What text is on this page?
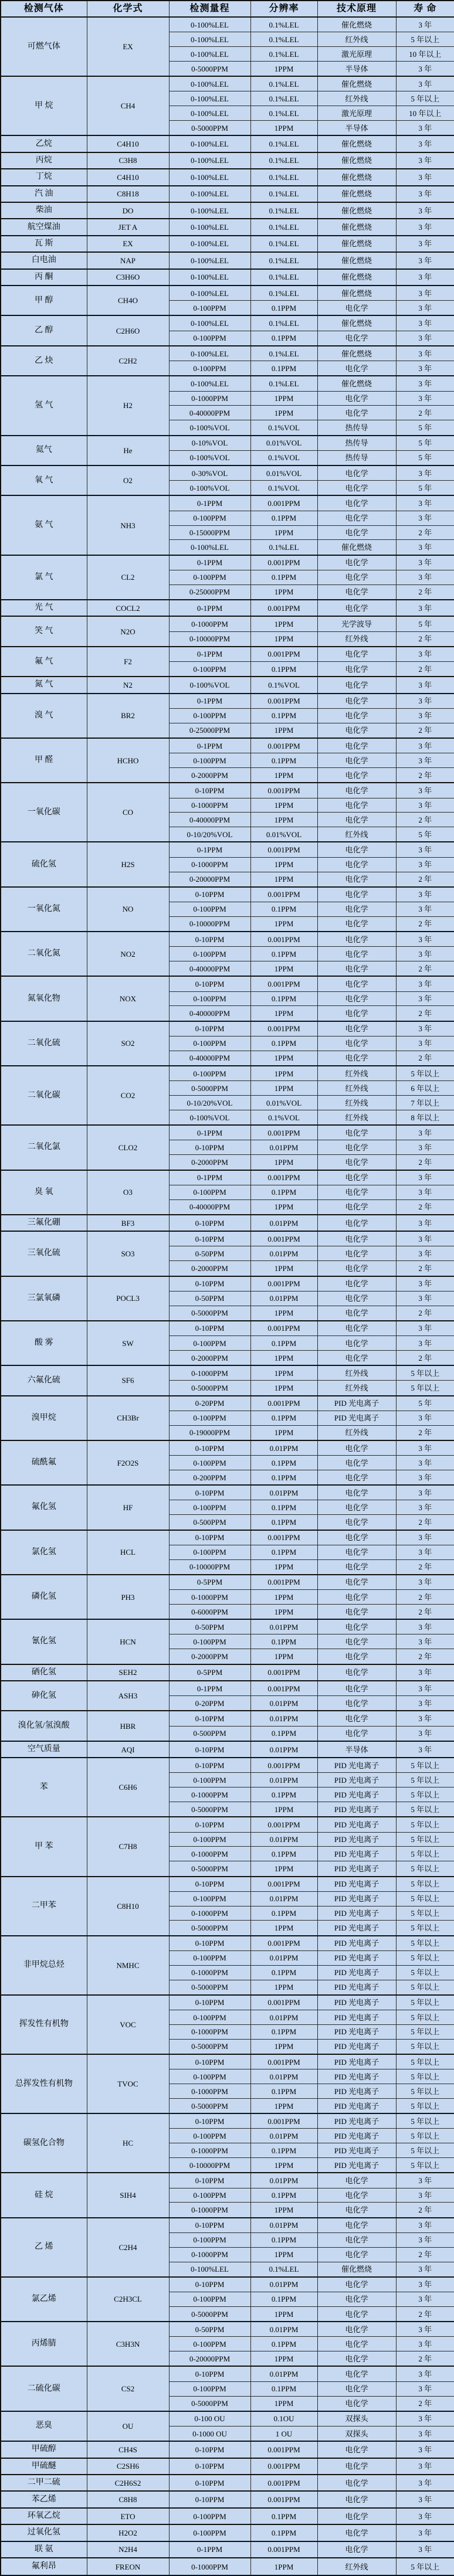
检测气体	化学式	检测量程	分辨率	技术原理	寿 命
可燃气体	EX	0-100%LEL	0.1%LEL	催化燃烧	3 年
		0-100%LEL	0.1%LEL	红外线	5 年以上
		0-100%LEL	0.1%LEL	激光原理	10 年以上
		0-5000PPM	1PPM	半导体	3 年
甲 烷	CH4	0-100%LEL	0.1%LEL	催化燃烧	3 年
		0-100%LEL	0.1%LEL	红外线	5 年以上
		0-100%LEL	0.1%LEL	激光原理	10 年以上
		0-5000PPM	1PPM	半导体	3 年
乙烷	C4H10	0-100%LEL	0.1%LEL	催化燃烧	3 年
丙烷	C3H8	0-100%LEL	0.1%LEL	催化燃烧	3 年
丁烷	C4H10	0-100%LEL	0.1%LEL	催化燃烧	3 年
汽 油	C8H18	0-100%LEL	0.1%LEL	催化燃烧	3 年
柴油	DO	0-100%LEL	0.1%LEL	催化燃烧	3 年
航空煤油	JET A	0-100%LEL	0.1%LEL	催化燃烧	3 年
瓦 斯	EX	0-100%LEL	0.1%LEL	催化燃烧	3 年
白电油	NAP	0-100%LEL	0.1%LEL	催化燃烧	3 年
丙 酮	C3H6O	0-100%LEL	0.1%LEL	催化燃烧	3 年
甲 醇	CH4O	0-100%LEL	0.1%LEL	催化燃烧	3 年
		0-100PPM	0.1PPM	电化学	3 年
乙 醇	C2H6O	0-100%LEL	0.1%LEL	催化燃烧	3 年
		0-100PPM	0.1PPM	电化学	3 年
乙 炔	C2H2	0-100%LEL	0.1%LEL	催化燃烧	3 年
		0-100PPM	0.1PPM	电化学	3 年
氢 气	H2	0-100%LEL	0.1%LEL	催化燃烧	3 年
		0-1000PPM	1PPM	电化学	3 年
		0-40000PPM	1PPM	电化学	2 年
		0-100%VOL	0.1%VOL	热传导	5 年
氦气	He	0-10%VOL	0.01%VOL	热传导	5 年
		0-100%VOL	0.1%VOL	热传导	5 年
氧 气	O2	0-30%VOL	0.01%VOL	电化学	3 年
		0-100%VOL	0.1%VOL	电化学	5 年
氨 气	NH3	0-1PPM	0.001PPM	电化学	3 年
		0-100PPM	0.1PPM	电化学	3 年
		0-15000PPM	1PPM	电化学	2 年
		0-100%LEL	0.1%LEL	催化燃烧	3 年
氯 气	CL2	0-1PPM	0.001PPM	电化学	3 年
		0-100PPM	0.1PPM	电化学	3 年
		0-25000PPM	1PPM	电化学	2 年
光 气	COCL2	0-1PPM	0.001PPM	电化学	3 年
笑 气	N2O	0-1000PPM	1PPM	光学波导	5 年
		0-10000PPM	1PPM	红外线	2 年
氟 气	F2	0-1PPM	0.001PPM	电化学	3 年
		0-100PPM	0.1PPM	电化学	2 年
氮 气	N2	0-100%VOL	0.1%VOL	电化学	3 年
溴 气	BR2	0-1PPM	0.001PPM	电化学	3 年
		0-100PPM	0.1PPM	电化学	3 年
		0-25000PPM	1PPM	电化学	2 年
甲 醛	HCHO	0-1PPM	0.001PPM	电化学	3 年
		0-100PPM	0.1PPM	电化学	3 年
		0-2000PPM	1PPM	电化学	2 年
一氧化碳	CO	0-10PPM	0.001PPM	电化学	3 年
		0-1000PPM	1PPM	电化学	3 年
		0-40000PPM	1PPM	电化学	2 年
		0-10/20%VOL	0.01%VOL	红外线	5 年
硫化氢	H2S	0-1PPM	0.001PPM	电化学	3 年
		0-1000PPM	1PPM	电化学	3 年
		0-20000PPM	1PPM	电化学	2 年
一氧化氮	NO	0-10PPM	0.001PPM	电化学	3 年
		0-100PPM	0.1PPM	电化学	3 年
		0-10000PPM	1PPM	电化学	2 年
二氧化氮	NO2	0-10PPM	0.001PPM	电化学	3 年
		0-100PPM	0.1PPM	电化学	3 年
		0-40000PPM	1PPM	电化学	2 年
氮氧化物	NOX	0-10PPM	0.001PPM	电化学	3 年
		0-100PPM	0.1PPM	电化学	3 年
		0-40000PPM	1PPM	电化学	2 年
二氧化硫	SO2	0-10PPM	0.001PPM	电化学	3 年
		0-100PPM	0.1PPM	电化学	3 年
		0-40000PPM	1PPM	电化学	2 年
二氧化碳	CO2	0-100PPM	1PPM	红外线	5 年以上
		0-5000PPM	1PPM	红外线	6 年以上
		0-10/20%VOL	0.01%VOL	红外线	7 年以上
		0-100%VOL	0.1%VOL	红外线	8 年以上
二氧化氯	CLO2	0-1PPM	0.001PPM	电化学	3 年
		0-10PPM	0.01PPM	电化学	3 年
		0-2000PPM	1PPM	电化学	2 年
臭 氧	O3	0-1PPM	0.001PPM	电化学	3 年
		0-100PPM	0.1PPM	电化学	3 年
		0-40000PPM	1PPM	电化学	2 年
三氟化硼	BF3	0-10PPM	0.01PPM	电化学	3 年
三氧化硫	SO3	0-10PPM	0.001PPM	电化学	3 年
		0-50PPM	0.01PPM	电化学	3 年
		0-2000PPM	1PPM	电化学	2 年
三氯氧磷	POCL3	0-10PPM	0.001PPM	电化学	3 年
		0-50PPM	0.01PPM	电化学	3 年
		0-5000PPM	1PPM	电化学	2 年
酸 雾	SW	0-10PPM	0.001PPM	电化学	3 年
		0-100PPM	0.1PPM	电化学	3 年
		0-2000PPM	1PPM	电化学	2 年
六氟化硫	SF6	0-1000PPM	1PPM	红外线	5 年以上
		0-5000PPM	1PPM	红外线	5 年以上
溴甲烷	CH3Br	0-20PPM	0.001PPM	PID 光电离子	5 年
		0-100PPM	0.1PPM	PID 光电离子	3 年
		0-19000PPM	1PPM	红外线	2 年
硫酰氟	F2O2S	0-10PPM	0.01PPM	电化学	3 年
		0-100PPM	0.1PPM	电化学	3 年
		0-200PPM	0.1PPM	电化学	3 年
氟化氢	HF	0-10PPM	0.01PPM	电化学	3 年
		0-100PPM	0.1PPM	电化学	3 年
		0-500PPM	0.1PPM	电化学	2 年
氯化氢	HCL	0-10PPM	0.001PPM	电化学	3 年
		0-100PPM	0.1PPM	电化学	3 年
		0-10000PPM	1PPM	电化学	2 年
磷化氢	PH3	0-5PPM	0.001PPM	电化学	3 年
		0-1000PPM	1PPM	电化学	2 年
		0-6000PPM	1PPM	电化学	2 年
氰化氢	HCN	0-50PPM	0.01PPM	电化学	3 年
		0-100PPM	0.1PPM	电化学	3 年
		0-2000PPM	1PPM	电化学	2 年
硒化氢	SEH2	0-5PPM	0.001PPM	电化学	3 年
砷化氢	ASH3	0-1PPM	0.001PPM	电化学	3 年
		0-20PPM	0.01PPM	电化学	3 年
溴化氢/氢溴酸	HBR	0-10PPM	0.01PPM	电化学	3 年
		0-500PPM	0.1PPM	电化学	3 年
空气质量	AQI	0-10PPM	0.01PPM	半导体	3 年
苯	C6H6	0-10PPM	0.001PPM	PID 光电离子	5 年以上
		0-100PPM	0.01PPM	PID 光电离子	5 年以上
		0-1000PPM	0.1PPM	PID 光电离子	5 年以上
		0-5000PPM	1PPM	PID 光电离子	5 年以上
甲 苯	C7H8	0-10PPM	0.001PPM	PID 光电离子	5 年以上
		0-100PPM	0.01PPM	PID 光电离子	5 年以上
		0-1000PPM	0.1PPM	PID 光电离子	5 年以上
		0-5000PPM	1PPM	PID 光电离子	5 年以上
二甲苯	C8H10	0-10PPM	0.001PPM	PID 光电离子	5 年以上
		0-100PPM	0.01PPM	PID 光电离子	5 年以上
		0-1000PPM	0.1PPM	PID 光电离子	5 年以上
		0-5000PPM	1PPM	PID 光电离子	5 年以上
非甲烷总烃	NMHC	0-10PPM	0.001PPM	PID 光电离子	5 年以上
		0-100PPM	0.01PPM	PID 光电离子	5 年以上
		0-1000PPM	0.1PPM	PID 光电离子	5 年以上
		0-5000PPM	1PPM	PID 光电离子	5 年以上
挥发性有机物	VOC	0-10PPM	0.001PPM	PID 光电离子	5 年以上
		0-100PPM	0.01PPM	PID 光电离子	5 年以上
		0-1000PPM	0.1PPM	PID 光电离子	5 年以上
		0-5000PPM	1PPM	PID 光电离子	5 年以上
总挥发性有机物	TVOC	0-10PPM	0.001PPM	PID 光电离子	5 年以上
		0-100PPM	0.01PPM	PID 光电离子	5 年以上
		0-1000PPM	0.1PPM	PID 光电离子	5 年以上
		0-5000PPM	1PPM	PID 光电离子	5 年以上
碳氢化合物	HC	0-10PPM	0.001PPM	PID 光电离子	5 年以上
		0-100PPM	0.01PPM	PID 光电离子	5 年以上
		0-1000PPM	0.1PPM	PID 光电离子	5 年以上
		0-10000PPM	1PPM	PID 光电离子	5 年以上
硅 烷	SIH4	0-10PPM	0.01PPM	电化学	3 年
		0-100PPM	0.1PPM	电化学	3 年
		0-1000PPM	1PPM	电化学	2 年
乙 烯	C2H4	0-10PPM	0.01PPM	电化学	3 年
		0-100PPM	0.1PPM	电化学	3 年
		0-1000PPM	1PPM	电化学	2 年
		0-100%LEL	0.1%LEL	催化燃烧	3 年
氯乙烯	C2H3CL	0-10PPM	0.01PPM	电化学	3 年
		0-100PPM	0.1PPM	电化学	3 年
		0-5000PPM	1PPM	电化学	2 年
丙烯腈	C3H3N	0-50PPM	0.01PPM	电化学	3 年
		0-100PPM	0.1PPM	电化学	3 年
		0-20000PPM	1PPM	电化学	2 年
二硫化碳	CS2	0-10PPM	0.01PPM	电化学	3 年
		0-100PPM	0.1PPM	电化学	3 年
		0-5000PPM	1PPM	电化学	2 年
恶臭	OU	0-100 OU	0.1OU	双探头	3 年
		0-1000 OU	1 OU	双探头	3 年
甲硫醇	CH4S	0-10PPM	0.001PPM	电化学	3 年
甲硫醚	C2SH6	0-10PPM	0.001PPM	电化学	3 年
二甲二硫	C2H6S2	0-10PPM	0.001PPM	电化学	3 年
苯乙烯	C8H8	0-10PPM	0.001PPM	电化学	3 年
环氧乙烷	ETO	0-100PPM	0.1PPM	电化学	3 年
过氧化氢	H2O2	0-100PPM	0.1PPM	电化学	3 年
联 氨	N2H4	0-1PPM	0.001PPM	电化学	3 年
氟利昂	FREON	0-1000PPM	1PPM	红外线	5 年以上
